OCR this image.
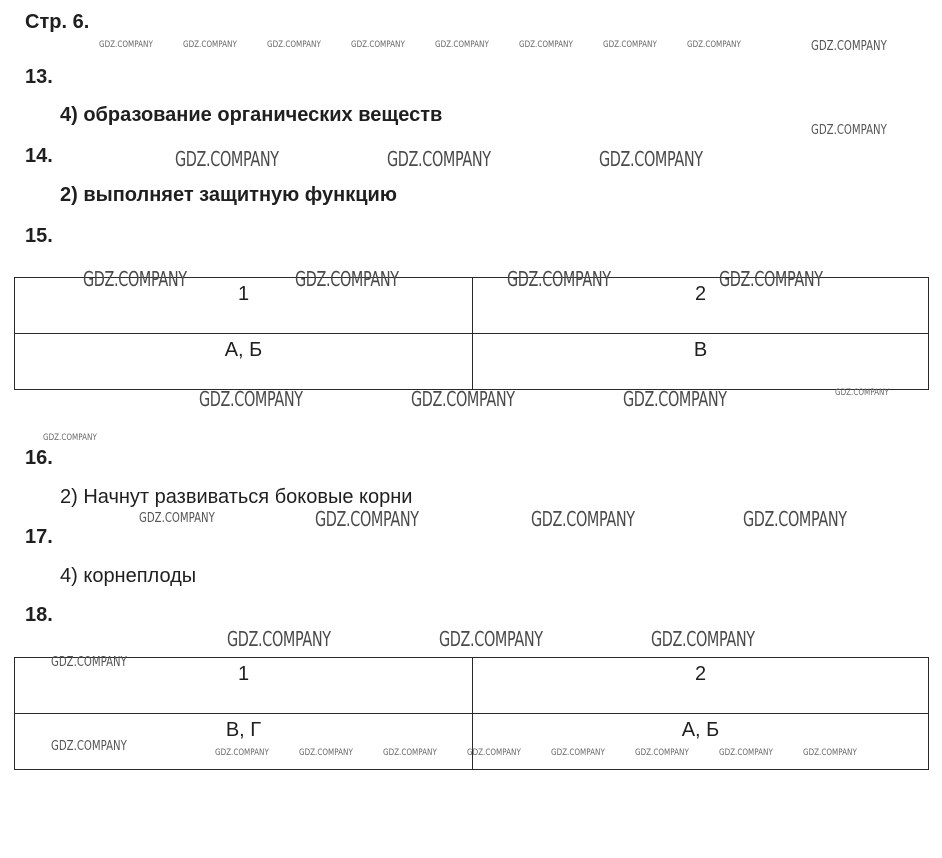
Стр. 6.
13.
4) образование органических веществ
14.
2) выполняет защитную функцию
15.
1	2

А, Б	В
16.
2) Начнут развиваться боковые корни
17.
4) корнеплоды
18.
1	2

В, Г	А, Б
GDZ.COMPANY	GDZ.COMPANY	GDZ.COMPANY	GDZ.COMPANY	GDZ.COMPANY	GDZ.COMPANY	GDZ.COMPANY	GDZ.COMPANY	GDZ.COMPANY
GDZ.COMPANY
GDZ.COMPANY	GDZ.COMPANY	GDZ.COMPANY
GDZ.COMPANY	GDZ.COMPANY	GDZ.COMPANY	GDZ.COMPANY
GDZ.COMPANY	GDZ.COMPANY	GDZ.COMPANY	GDZ.COMPANY
GDZ.COMPANY
GDZ.COMPANY	GDZ.COMPANY	GDZ.COMPANY	GDZ.COMPANY
GDZ.COMPANY	GDZ.COMPANY	GDZ.COMPANY
GDZ.COMPANY
GDZ.COMPANY	GDZ.COMPANY	GDZ.COMPANY	GDZ.COMPANY	GDZ.COMPANY	GDZ.COMPANY	GDZ.COMPANY	GDZ.COMPANY	GDZ.COMPANY
